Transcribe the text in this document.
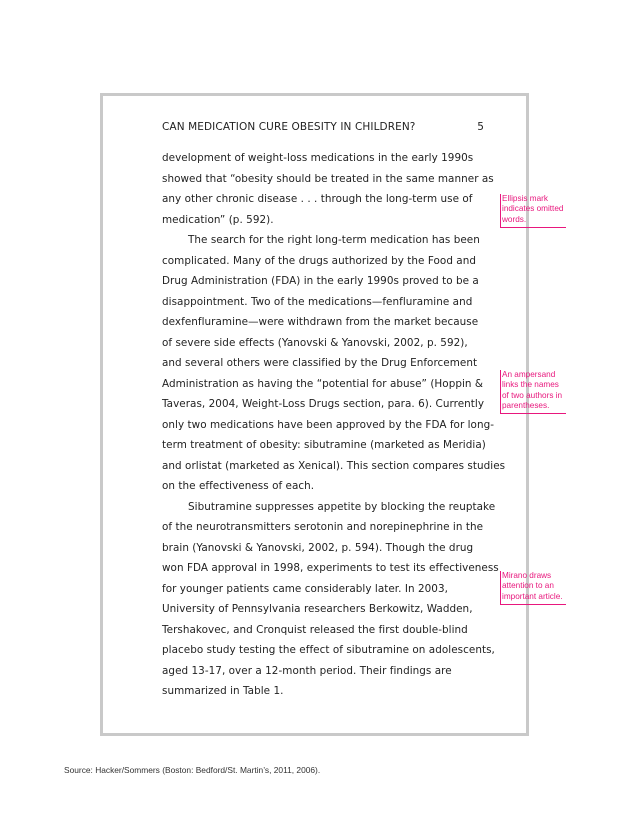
CAN MEDICATION CURE OBESITY IN CHILDREN?	5
development of weight-loss medications in the early 1990s
showed that “obesity should be treated in the same manner as
any other chronic disease . . . through the long-term use of
medication” (p. 592).
The search for the right long-term medication has been
complicated. Many of the drugs authorized by the Food and
Drug Administration (FDA) in the early 1990s proved to be a
disappointment. Two of the medications—fenfluramine and
dexfenfluramine—were withdrawn from the market because
of severe side effects (Yanovski & Yanovski, 2002, p. 592),
and several others were classified by the Drug Enforcement
Administration as having the “potential for abuse” (Hoppin &
Taveras, 2004, Weight-Loss Drugs section, para. 6). Currently
only two medications have been approved by the FDA for long-
term treatment of obesity: sibutramine (marketed as Meridia)
and orlistat (marketed as Xenical). This section compares studies
on the effectiveness of each.
Sibutramine suppresses appetite by blocking the reuptake
of the neurotransmitters serotonin and norepinephrine in the
brain (Yanovski & Yanovski, 2002, p. 594). Though the drug
won FDA approval in 1998, experiments to test its effectiveness
for younger patients came considerably later. In 2003,
University of Pennsylvania researchers Berkowitz, Wadden,
Tershakovec, and Cronquist released the first double-blind
placebo study testing the effect of sibutramine on adolescents,
aged 13-17, over a 12-month period. Their findings are
summarized in Table 1.
Ellipsis mark indicates omitted words.
An ampersand links the names of two authors in parentheses.
Mirano draws attention to an important article.
Source: Hacker/Sommers (Boston: Bedford/St. Martin’s, 2011, 2006).
